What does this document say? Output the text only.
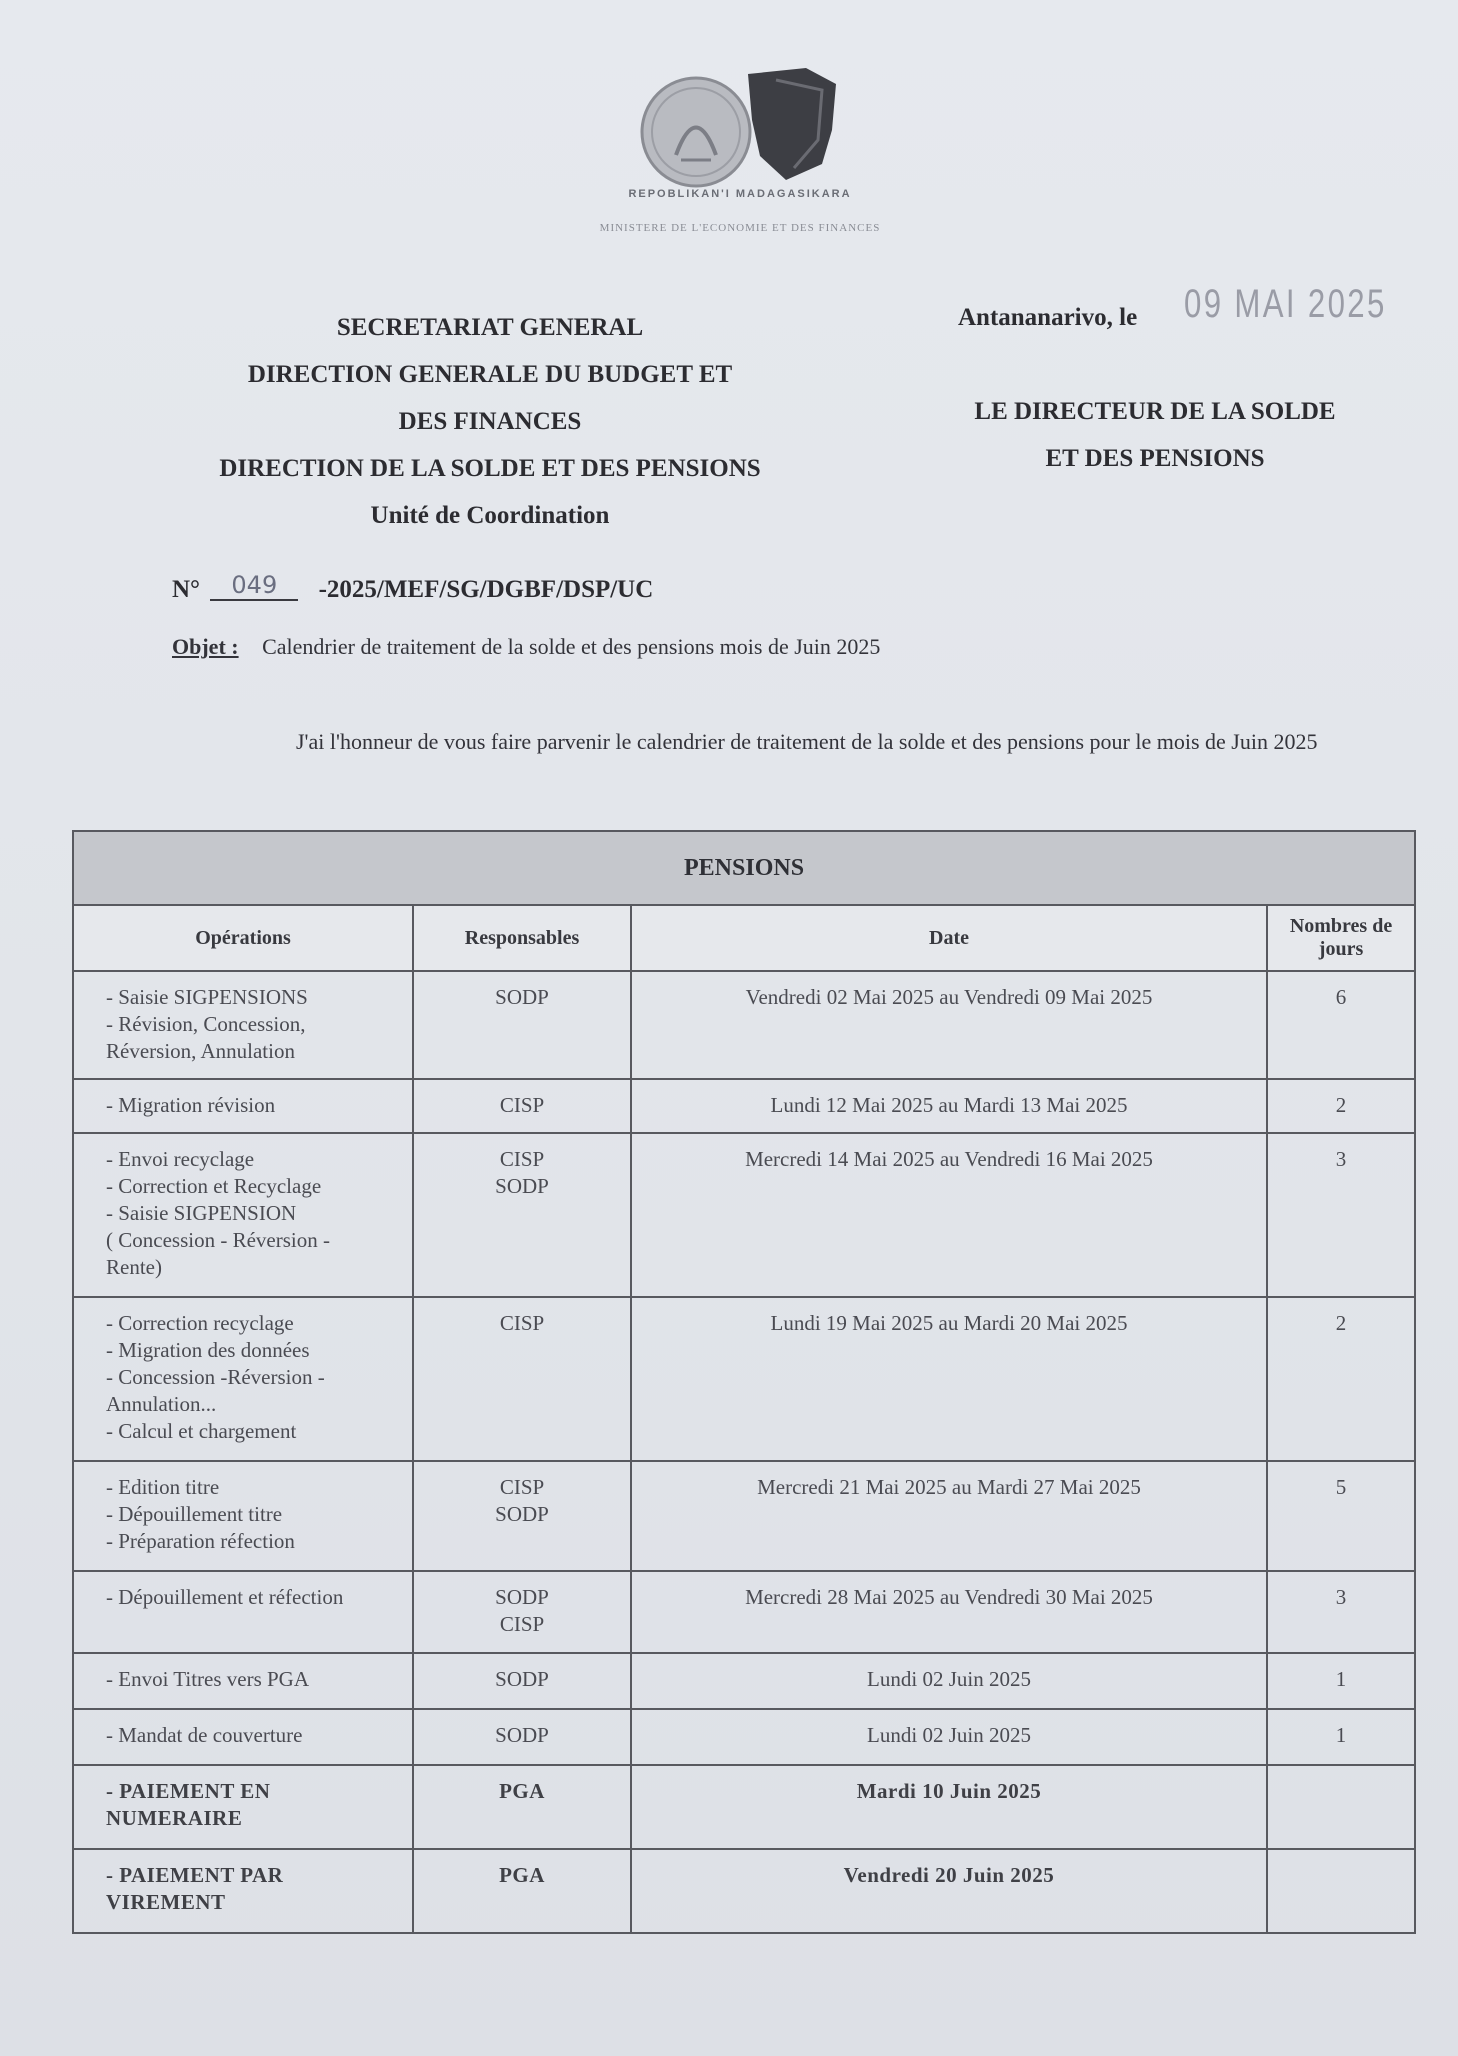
REPOBLIKAN'I MADAGASIKARA
MINISTERE DE L'ECONOMIE ET DES FINANCES
SECRETARIAT GENERAL
DIRECTION GENERALE DU BUDGET ET
DES FINANCES
DIRECTION DE LA SOLDE ET DES PENSIONS
Unité de Coordination
Antananarivo, le 09 MAI 2025
LE DIRECTEUR DE LA SOLDE
ET DES PENSIONS
N° 049 -2025/MEF/SG/DGBF/DSP/UC
Objet : Calendrier de traitement de la solde et des pensions mois de Juin 2025
J'ai l'honneur de vous faire parvenir le calendrier de traitement de la solde et des pensions pour le mois de Juin 2025
PENSIONS			
Opérations	Responsables	Date	Nombres de jours

- Saisie SIGPENSIONS
- Révision, Concession,
Réversion, Annulation	SODP	Vendredi 02 Mai 2025 au Vendredi 09 Mai 2025	6

- Migration révision	CISP	Lundi 12 Mai 2025 au Mardi 13 Mai 2025	2

- Envoi recyclage
- Correction et Recyclage
- Saisie SIGPENSION
( Concession - Réversion -
Rente)	CISP
SODP	Mercredi 14 Mai 2025 au Vendredi 16 Mai 2025	3

- Correction recyclage
- Migration des données
- Concession -Réversion -
Annulation...
- Calcul et chargement	CISP	Lundi 19 Mai 2025 au Mardi 20 Mai 2025	2

- Edition titre
- Dépouillement titre
- Préparation réfection	CISP
SODP	Mercredi 21 Mai 2025 au Mardi 27 Mai 2025	5

- Dépouillement et réfection	SODP
CISP	Mercredi 28 Mai 2025 au Vendredi 30 Mai 2025	3

- Envoi Titres vers PGA	SODP	Lundi 02 Juin 2025	1

- Mandat de couverture	SODP	Lundi 02 Juin 2025	1

- PAIEMENT EN
NUMERAIRE	PGA	Mardi 10 Juin 2025	

- PAIEMENT PAR
VIREMENT	PGA	Vendredi 20 Juin 2025	
